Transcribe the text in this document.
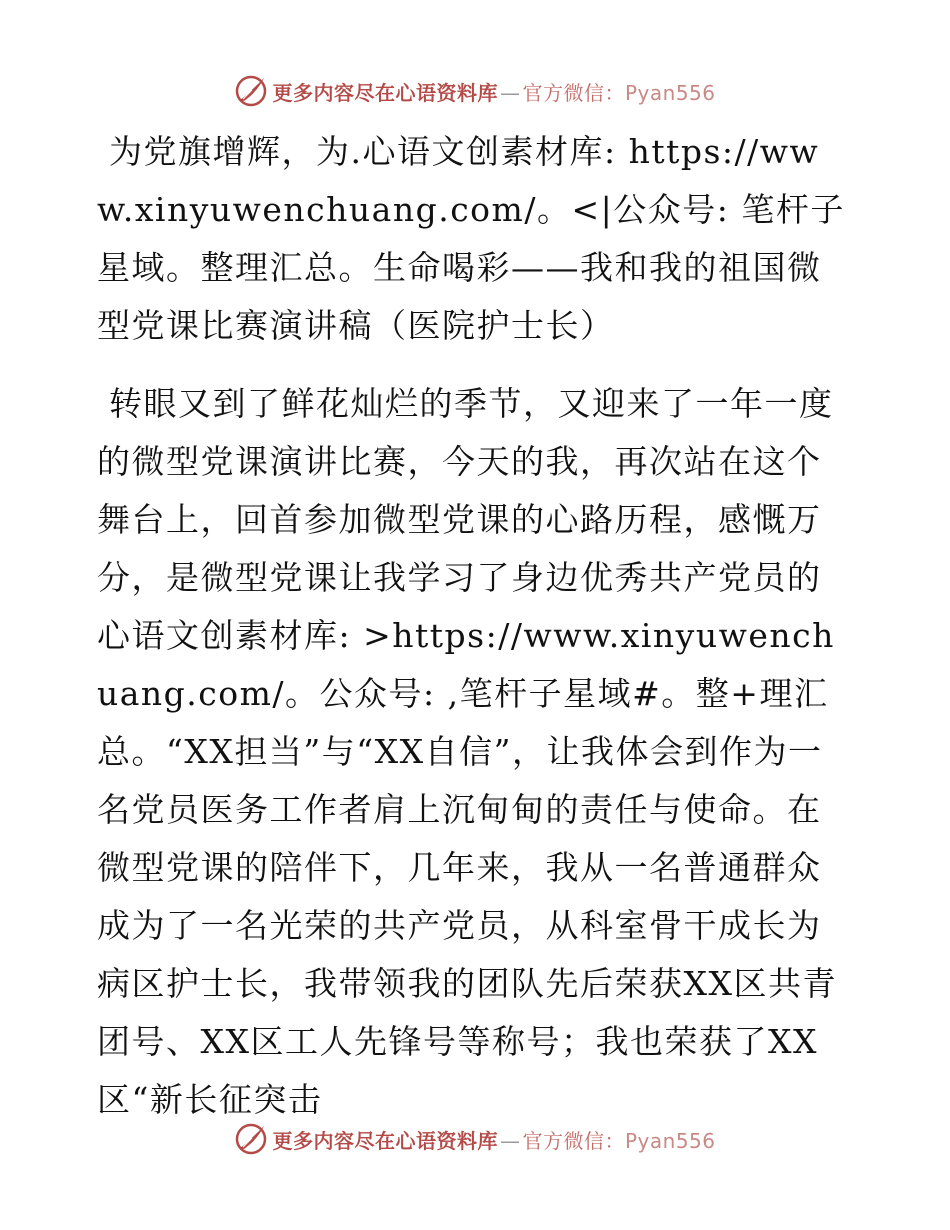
更多内容尽在心语资料库 — 官方微信：Pyan556

为党旗增辉，为.心语文创素材库: https://www.xinyuwenchuang.com/。<|公众号: 笔杆子星域。整理汇总。生命喝彩——我和我的祖国微型党课比赛演讲稿（医院护士长）

转眼又到了鲜花灿烂的季节，又迎来了一年一度的微型党课演讲比赛，今天的我，再次站在这个舞台上，回首参加微型党课的心路历程，感慨万分，是微型党课让我学习了身边优秀共产党员的心语文创素材库: >https://www.xinyuwenchuang.com/。公众号: ,笔杆子星域#。整+理汇总。“XX担当”与“XX自信”，让我体会到作为一名党员医务工作者肩上沉甸甸的责任与使命。在微型党课的陪伴下，几年来，我从一名普通群众成为了一名光荣的共产党员，从科室骨干成长为病区护士长，我带领我的团队先后荣获XX区共青团号、XX区工人先锋号等称号；我也荣获了XX区“新长征突击

更多内容尽在心语资料库 — 官方微信：Pyan556
